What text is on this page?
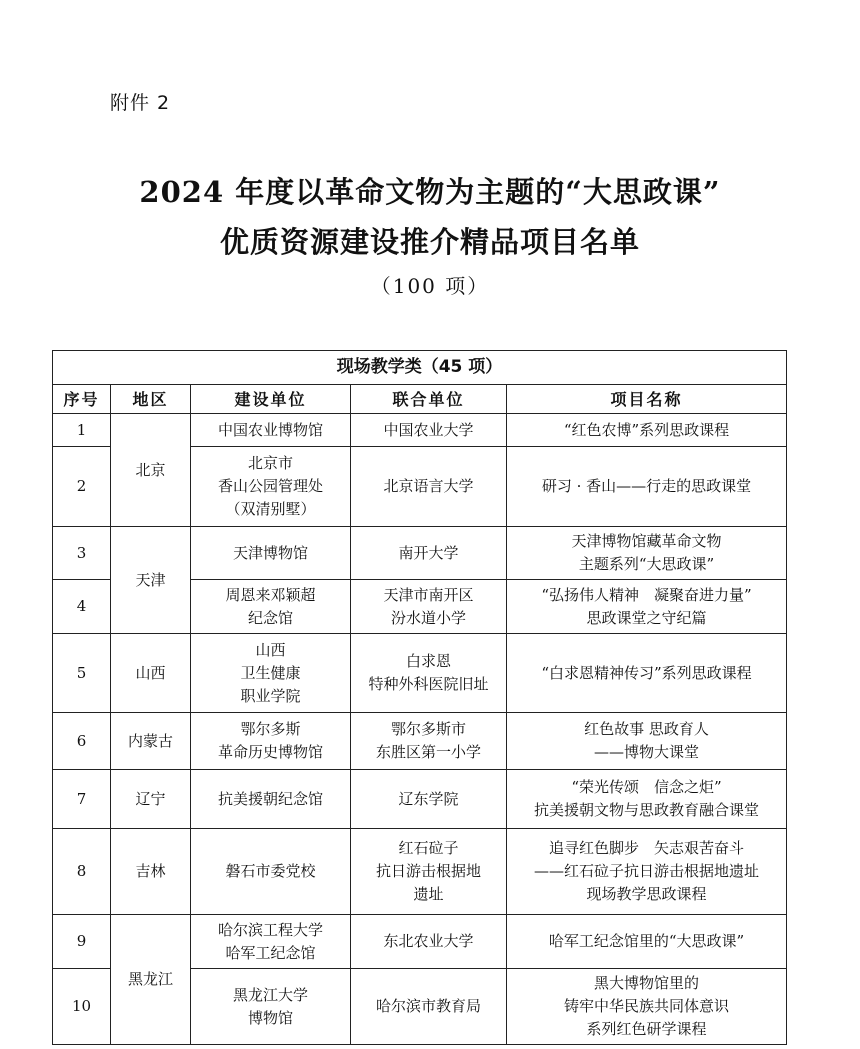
附件 2
2024 年度以革命文物为主题的“大思政课”
优质资源建设推介精品项目名单
（100 项）
现场教学类（45 项）				
序号	地区	建设单位	联合单位	项目名称
1	北京	中国农业博物馆	中国农业大学	“红色农博”系列思政课程

2		北京市
香山公园管理处
（双清别墅）	北京语言大学	研习 · 香山——行走的思政课堂

3	天津	天津博物馆	南开大学	天津博物馆藏革命文物
主题系列“大思政课”

4		周恩来邓颖超
纪念馆	天津市南开区
汾水道小学	“弘扬伟人精神　凝聚奋进力量”
思政课堂之守纪篇

5	山西	山西
卫生健康
职业学院	白求恩
特种外科医院旧址	“白求恩精神传习”系列思政课程

6	内蒙古	鄂尔多斯
革命历史博物馆	鄂尔多斯市
东胜区第一小学	红色故事 思政育人
——博物大课堂

7	辽宁	抗美援朝纪念馆	辽东学院	“荣光传颂　信念之炬”
抗美援朝文物与思政教育融合课堂

8	吉林	磐石市委党校	红石砬子
抗日游击根据地
遗址	追寻红色脚步　矢志艰苦奋斗
——红石砬子抗日游击根据地遗址
现场教学思政课程

9	黑龙江	哈尔滨工程大学
哈军工纪念馆	东北农业大学	哈军工纪念馆里的“大思政课”

10		黑龙江大学
博物馆	哈尔滨市教育局	黑大博物馆里的
铸牢中华民族共同体意识
系列红色研学课程
